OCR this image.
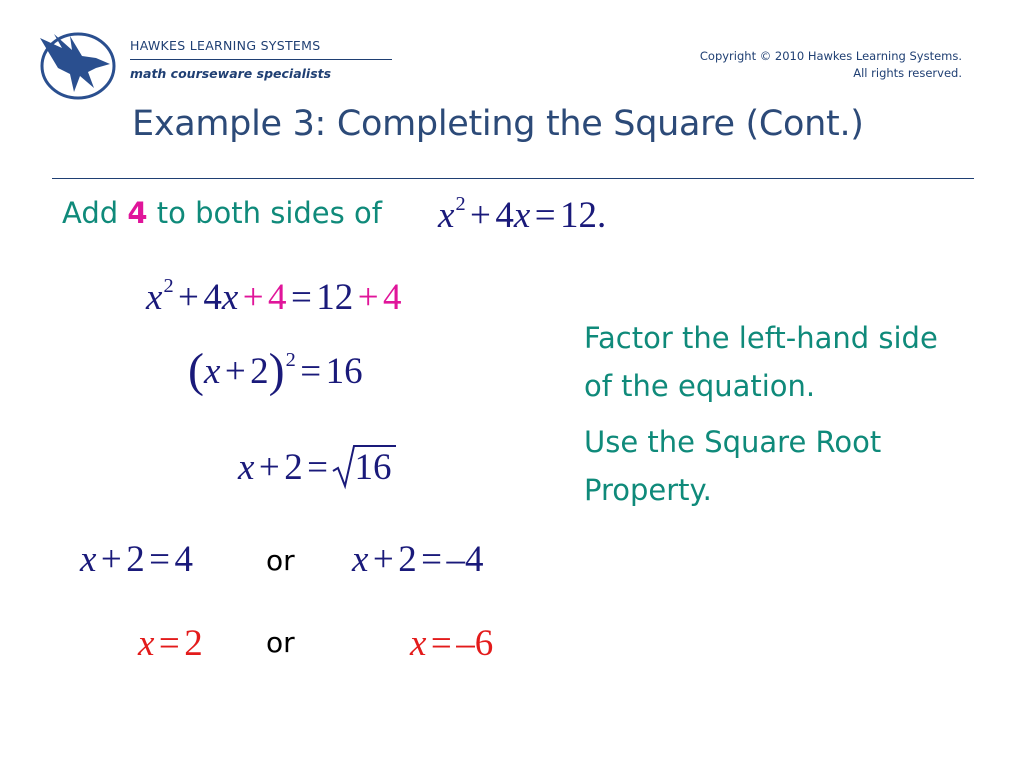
HAWKES LEARNING SYSTEMS
math courseware specialists
Copyright © 2010 Hawkes Learning Systems.
All rights reserved.
Example 3: Completing the Square (Cont.)
Add 4 to both sides of $x^2 + 4x = 12$.
$x^2 + 4x + 4 = 12 + 4$
$(x + 2)^2 = 16$
x + 2 = 16
x + 2 = 4	or x + 2 = –4
x = 2 or	x = –6
Factor the left-hand side
of the equation.
Use the Square Root
Property.
